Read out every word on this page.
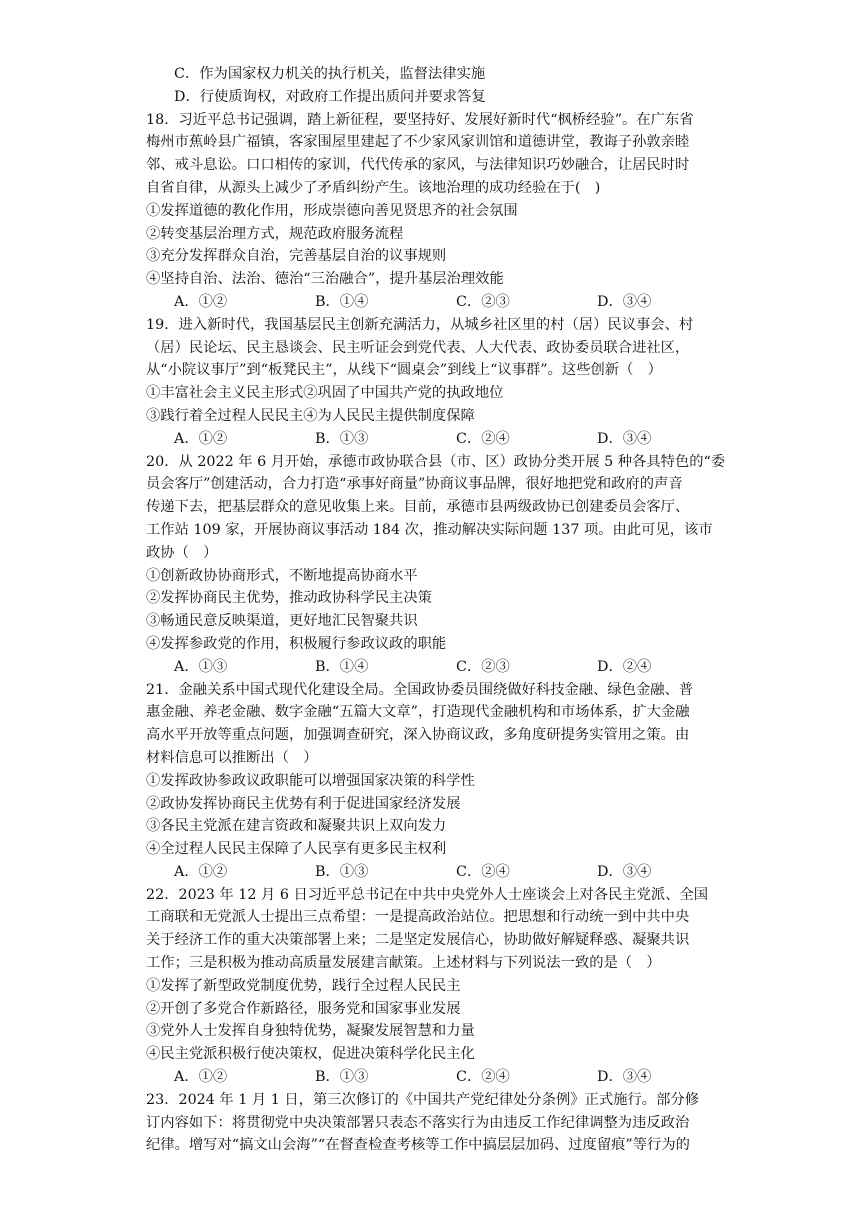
C．作为国家权力机关的执行机关，监督法律实施
D．行使质询权，对政府工作提出质问并要求答复
18．习近平总书记强调，踏上新征程，要坚持好、发展好新时代“枫桥经验”。在广东省
梅州市蕉岭县广福镇，客家围屋里建起了不少家风家训馆和道德讲堂，教诲子孙敦亲睦
邻、戒斗息讼。口口相传的家训，代代传承的家风，与法律知识巧妙融合，让居民时时
自省自律，从源头上减少了矛盾纠纷产生。该地治理的成功经验在于(　)
①发挥道德的教化作用，形成崇德向善见贤思齐的社会氛围
②转变基层治理方式，规范政府服务流程
③充分发挥群众自治，完善基层自治的议事规则
④坚持自治、法治、德治“三治融合”，提升基层治理效能
A．①②	B．①④	C．②③	D．③④
19．进入新时代，我国基层民主创新充满活力，从城乡社区里的村（居）民议事会、村
（居）民论坛、民主恳谈会、民主听证会到党代表、人大代表、政协委员联合进社区，
从“小院议事厅”到“板凳民主”，从线下“圆桌会”到线上“议事群”。这些创新（　）
①丰富社会主义民主形式②巩固了中国共产党的执政地位
③践行着全过程人民民主④为人民民主提供制度保障
A．①②	B．①③	C．②④	D．③④
20．从 2022 年 6 月开始，承德市政协联合县（市、区）政协分类开展 5 种各具特色的“委
员会客厅”创建活动，合力打造“承事好商量”协商议事品牌，很好地把党和政府的声音
传递下去，把基层群众的意见收集上来。目前，承德市县两级政协已创建委员会客厅、
工作站 109 家，开展协商议事活动 184 次，推动解决实际问题 137 项。由此可见，该市
政协（　）
①创新政协协商形式，不断地提高协商水平
②发挥协商民主优势，推动政协科学民主决策
③畅通民意反映渠道，更好地汇民智聚共识
④发挥参政党的作用，积极履行参政议政的职能
A．①③	B．①④	C．②③	D．②④
21．金融关系中国式现代化建设全局。全国政协委员围绕做好科技金融、绿色金融、普
惠金融、养老金融、数字金融“五篇大文章”，打造现代金融机构和市场体系，扩大金融
高水平开放等重点问题，加强调查研究，深入协商议政，多角度研提务实管用之策。由
材料信息可以推断出（　）
①发挥政协参政议政职能可以增强国家决策的科学性
②政协发挥协商民主优势有利于促进国家经济发展
③各民主党派在建言资政和凝聚共识上双向发力
④全过程人民民主保障了人民享有更多民主权利
A．①②	B．①③	C．②④	D．③④
22．2023 年 12 月 6 日习近平总书记在中共中央党外人士座谈会上对各民主党派、全国
工商联和无党派人士提出三点希望：一是提高政治站位。把思想和行动统一到中共中央
关于经济工作的重大决策部署上来；二是坚定发展信心，协助做好解疑释惑、凝聚共识
工作；三是积极为推动高质量发展建言献策。上述材料与下列说法一致的是（　）
①发挥了新型政党制度优势，践行全过程人民民主
②开创了多党合作新路径，服务党和国家事业发展
③党外人士发挥自身独特优势，凝聚发展智慧和力量
④民主党派积极行使决策权，促进决策科学化民主化
A．①②	B．①③	C．②④	D．③④
23．2024 年 1 月 1 日，第三次修订的《中国共产党纪律处分条例》正式施行。部分修
订内容如下：将贯彻党中央决策部署只表态不落实行为由违反工作纪律调整为违反政治
纪律。增写对“搞文山会海”“在督查检查考核等工作中搞层层加码、过度留痕”等行为的
